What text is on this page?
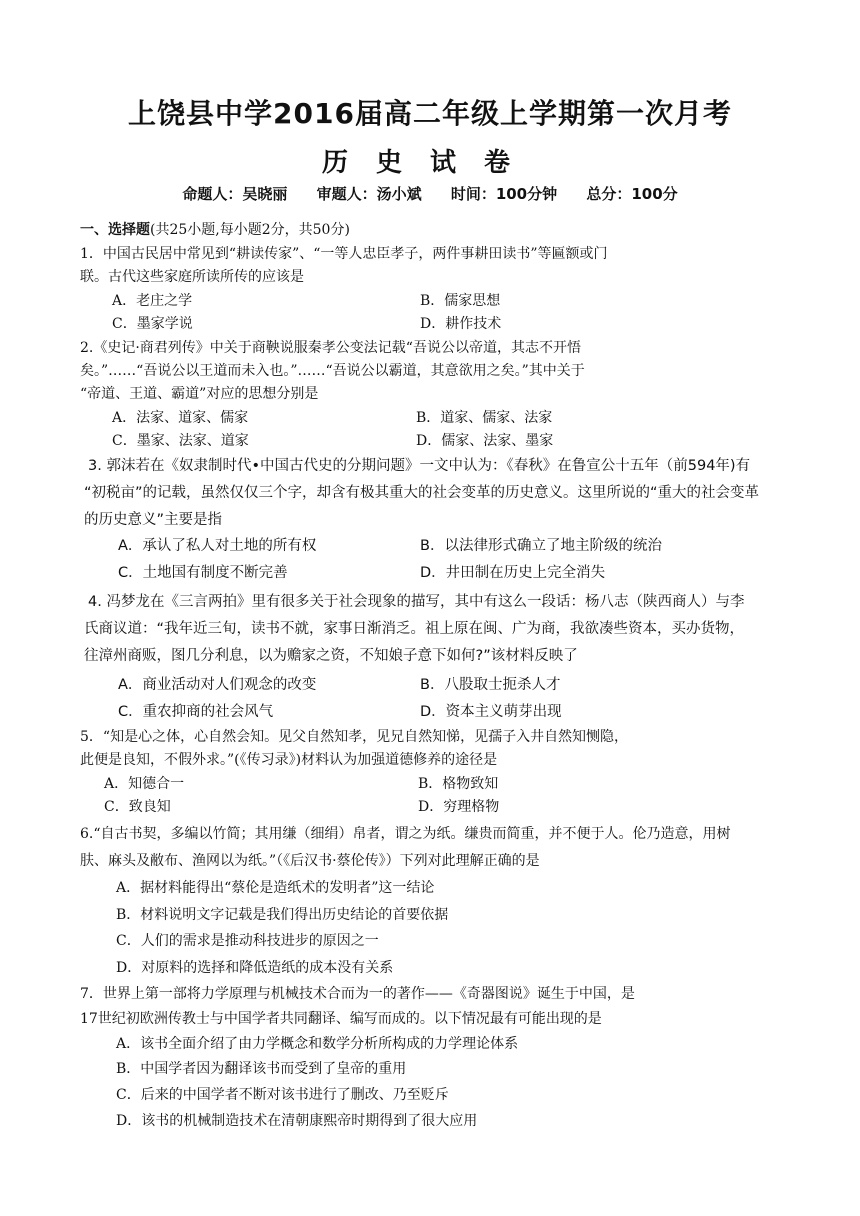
上饶县中学2016届高二年级上学期第一次月考
历史试卷
命题人：吴晓丽 审题人：汤小斌 时间：100分钟 总分：100分
一、选择题(共25小题,每小题2分，共50分)
1．中国古民居中常见到“耕读传家”、“一等人忠臣孝子，两件事耕田读书”等匾额或门
联。古代这些家庭所读所传的应该是
A．老庄之学	B．儒家思想
C．墨家学说	D．耕作技术
2.《史记·商君列传》中关于商鞅说服秦孝公变法记载“吾说公以帝道，其志不开悟
矣。”……“吾说公以王道而未入也。”……“吾说公以霸道，其意欲用之矣。”其中关于
“帝道、王道、霸道”对应的思想分别是
A．法家、道家、儒家	B．道家、儒家、法家
C．墨家、法家、道家	D．儒家、法家、墨家
3. 郭沫若在《奴隶制时代•中国古代史的分期问题》一文中认为：《春秋》在鲁宣公十五年（前594年)有
“初税亩”的记载，虽然仅仅三个字，却含有极其重大的社会变革的历史意义。这里所说的“重大的社会变革
的历史意义”主要是指
A．承认了私人对土地的所有权	B．以法律形式确立了地主阶级的统治
C．土地国有制度不断完善	D．井田制在历史上完全消失
4. 冯梦龙在《三言两拍》里有很多关于社会现象的描写，其中有这么一段话：杨八志（陕西商人）与李
氏商议道：“我年近三旬，读书不就，家事日渐消乏。祖上原在闽、广为商，我欲凑些资本，买办货物，
往漳州商贩，图几分利息，以为赡家之资，不知娘子意下如何?”该材料反映了
A．商业活动对人们观念的改变	B．八股取士扼杀人才
C．重农抑商的社会风气	D．资本主义萌芽出现
5．“知是心之体，心自然会知。见父自然知孝，见兄自然知悌，见孺子入井自然知恻隐，
此便是良知，不假外求。”(《传习录》)材料认为加强道德修养的途径是
A．知德合一	B．格物致知
C．致良知	D．穷理格物
6.“自古书契，多编以竹简；其用缣（细绢）帛者，谓之为纸。缣贵而简重，并不便于人。伦乃造意，用树
肤、麻头及敝布、渔网以为纸。”（《后汉书·蔡伦传》）下列对此理解正确的是
A．据材料能得出“蔡伦是造纸术的发明者”这一结论
B．材料说明文字记载是我们得出历史结论的首要依据
C．人们的需求是推动科技进步的原因之一
D．对原料的选择和降低造纸的成本没有关系
7．世界上第一部将力学原理与机械技术合而为一的著作——《奇器图说》诞生于中国，是
17世纪初欧洲传教士与中国学者共同翻译、编写而成的。以下情况最有可能出现的是
A．该书全面介绍了由力学概念和数学分析所构成的力学理论体系
B．中国学者因为翻译该书而受到了皇帝的重用
C．后来的中国学者不断对该书进行了删改、乃至贬斥
D．该书的机械制造技术在清朝康熙帝时期得到了很大应用
